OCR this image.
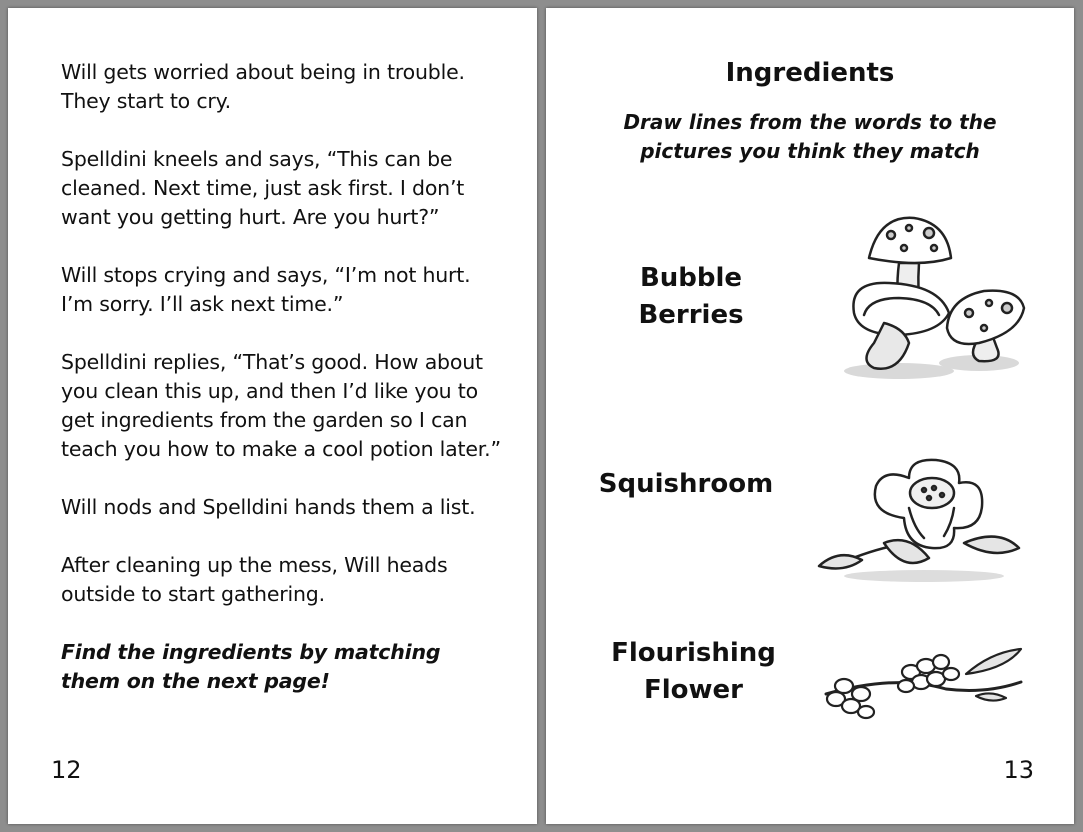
Will gets worried about being in trouble. They start to cry.

Spelldini kneels and says, “This can be cleaned. Next time, just ask first. I don’t want you getting hurt. Are you hurt?”

Will stops crying and says, “I’m not hurt. I’m sorry. I’ll ask next time.”

Spelldini replies, “That’s good. How about you clean this up, and then I’d like you to get ingredients from the garden so I can teach you how to make a cool potion later.”

Will nods and Spelldini hands them a list.

After cleaning up the mess, Will heads outside to start gathering.

Find the ingredients by matching them on the next page!

12
Ingredients
Draw lines from the words to the pictures you think they match
Bubble Berries
Squishroom
Flourishing Flower
13
